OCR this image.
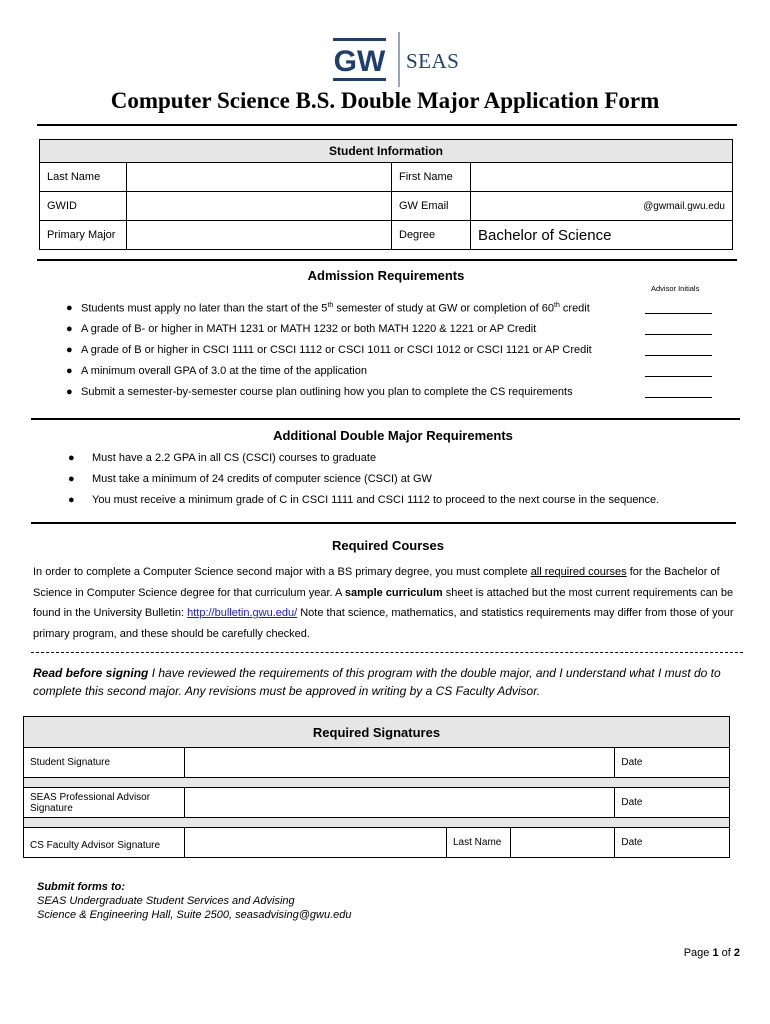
GW SEAS
Computer Science B.S. Double Major Application Form
Student Information			
Last Name		First Name	
GWID		GW Email	@gwmail.gwu.edu
Primary Major		Degree	Bachelor of Science
Admission Requirements
Advisor Initials
● Students must apply no later than the start of the 5th semester of study at GW or completion of 60th credit
● A grade of B- or higher in MATH 1231 or MATH 1232 or both MATH 1220 & 1221 or AP Credit
● A grade of B or higher in CSCI 1111 or CSCI 1112 or CSCI 1011 or CSCI 1012 or CSCI 1121 or AP Credit
● A minimum overall GPA of 3.0 at the time of the application
● Submit a semester-by-semester course plan outlining how you plan to complete the CS requirements
Additional Double Major Requirements
● Must have a 2.2 GPA in all CS (CSCI) courses to graduate
● Must take a minimum of 24 credits of computer science (CSCI) at GW
● You must receive a minimum grade of C in CSCI 1111 and CSCI 1112 to proceed to the next course in the sequence.
Required Courses
In order to complete a Computer Science second major with a BS primary degree, you must complete all required courses for the Bachelor of Science in Computer Science degree for that curriculum year. A sample curriculum sheet is attached but the most current requirements can be found in the University Bulletin: http://bulletin.gwu.edu/ Note that science, mathematics, and statistics requirements may differ from those of your primary program, and these should be carefully checked.
Read before signing I have reviewed the requirements of this program with the double major, and I understand what I must do to complete this second major. Any revisions must be approved in writing by a CS Faculty Advisor.
Required Signatures				
Student Signature				Date

SEAS Professional Advisor Signature				Date

CS Faculty Advisor Signature		Last Name		Date
Submit forms to:
SEAS Undergraduate Student Services and Advising
Science & Engineering Hall, Suite 2500, seasadvising@gwu.edu
Page 1 of 2
